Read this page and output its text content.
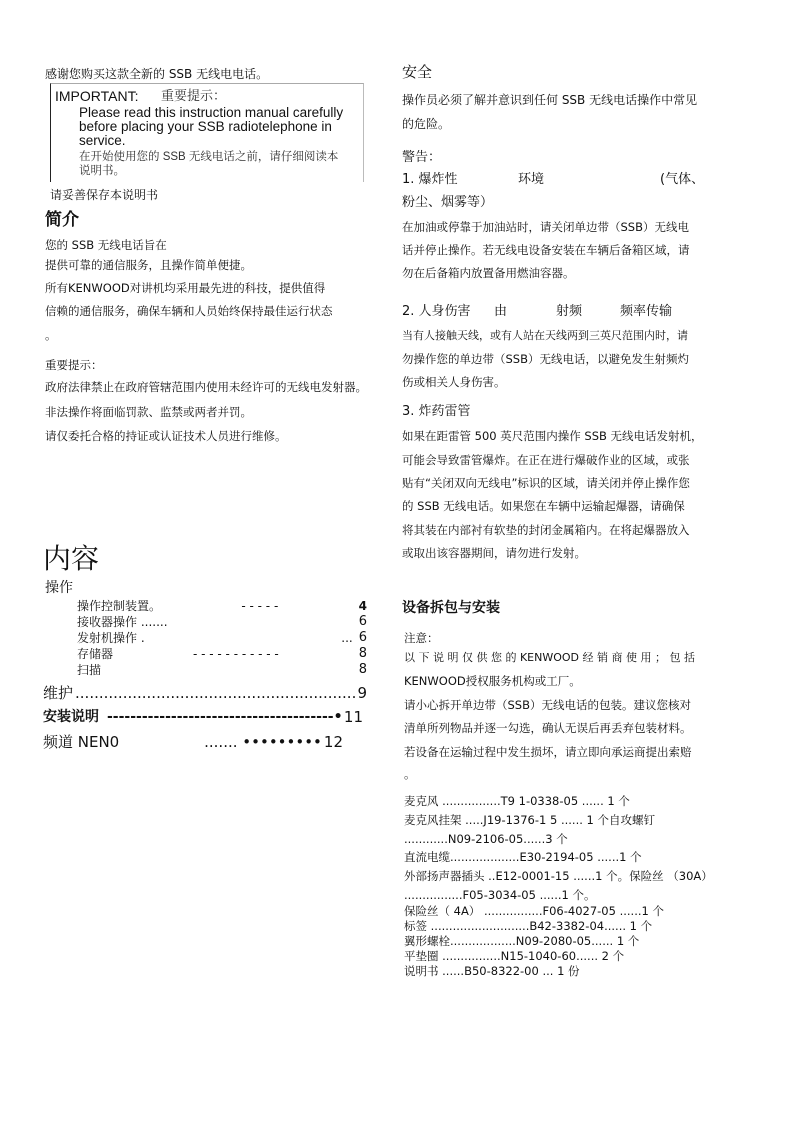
感谢您购买这款全新的 SSB 无线电电话。
IMPORTANT: 重要提示：
Please read this instruction manual carefully
before placing your SSB radiotelephone in
service.
在开始使用您的 SSB 无线电话之前，请仔细阅读本
说明书。
请妥善保存本说明书
简介
您的 SSB 无线电话旨在
提供可靠的通信服务，且操作简单便捷。
所有KENWOOD对讲机均采用最先进的科技，提供值得
信赖的通信服务，确保车辆和人员始终保持最佳运行状态
。
重要提示：
政府法律禁止在政府管辖范围内使用未经许可的无线电发射器。
非法操作将面临罚款、监禁或两者并罚。
请仅委托合格的持证或认证技术人员进行维修。
内容
操作
操作控制装置。	- - - - -	4
接收器操作 .......	6
发射机操作 .	... 6
存储器	- - - - - - - - - - -	8
扫描	8
维护 ........................................................... 9
安装说明 ---------------------------------------• 11
频道 NEN0	....... ••••••••• 12
安全
操作员必须了解并意识到任何 SSB 无线电话操作中常见
的危险。
警告：
1. 爆炸性	环境	(气体、
粉尘、烟雾等）
在加油或停靠于加油站时，请关闭单边带（SSB）无线电
话并停止操作。若无线电设备安装在车辆后备箱区域，请
勿在后备箱内放置备用燃油容器。
2. 人身伤害 由	射频	频率传输
当有人接触天线，或有人站在天线两到三英尺范围内时，请
勿操作您的单边带（SSB）无线电话，以避免发生射频灼
伤或相关人身伤害。
3. 炸药雷管
如果在距雷管 500 英尺范围内操作 SSB 无线电话发射机，
可能会导致雷管爆炸。在正在进行爆破作业的区域，或张
贴有“关闭双向无线电”标识的区域，请关闭并停止操作您
的 SSB 无线电话。如果您在车辆中运输起爆器，请确保
将其装在内部衬有软垫的封闭金属箱内。在将起爆器放入
或取出该容器期间，请勿进行发射。
设备拆包与安装
注意：
以 下 说 明 仅 供 您 的 KENWOOD 经 销 商 使 用 ； 包 括
KENWOOD授权服务机构或工厂。
请小心拆开单边带（SSB）无线电话的包装。建议您核对
清单所列物品并逐一勾选，确认无误后再丢弃包装材料。
若设备在运输过程中发生损坏，请立即向承运商提出索赔
。
麦克风 ................T9 1-0338-05 ...... 1 个
麦克风挂架 .....J19-1376-1 5 ...... 1 个自攻螺钉
............N09-2106-05......3 个
直流电缆...................E30-2194-05 ......1 个
外部扬声器插头 ..E12-0001-15 ......1 个。保险丝 （30A）
................F05-3034-05 ......1 个。
保险丝（ 4A） ................F06-4027-05 ......1 个
标签 ...........................B42-3382-04...... 1 个
翼形螺栓..................N09-2080-05...... 1 个
平垫圈 ................N15-1040-60...... 2 个
说明书 ......B50-8322-00 ... 1 份
